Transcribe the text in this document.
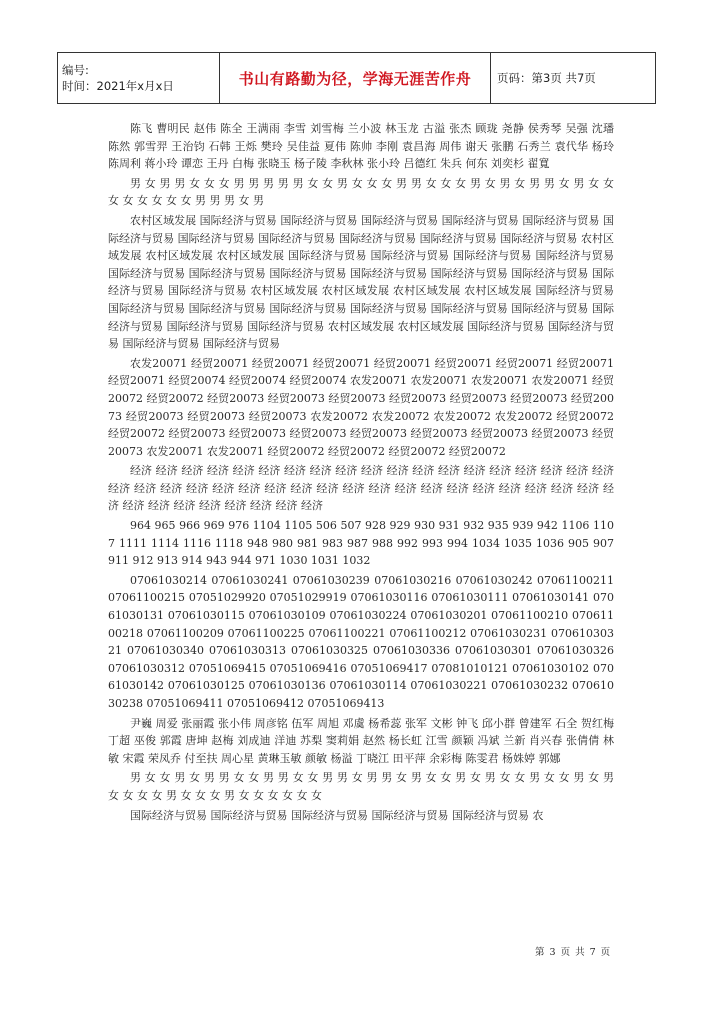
编号:
时间：2021年x月x日	书山有路勤为径，学海无涯苦作舟	页码：第3页 共7页

陈飞 曹明民 赵伟 陈全 王满雨 李雪 刘雪梅 兰小波 林玉龙 古溢 张杰 顾珑 尧静 侯秀琴 吴强 沈璠 陈然 郭雪羿 王治钧 石韩 王烁 樊玲 吴佳益 夏伟 陈帅 李刚 袁昌海 周伟 谢天 张鹏 石秀兰 袁代华 杨玲 陈周利 蒋小玲 谭恋 王丹 白梅 张晓玉 杨子陵 李秋林 张小玲 吕德红 朱兵 何东 刘奕杉 翟寬

男 女 男 男 女 女 女 男 男 男 男 男 女 女 男 女 女 女 男 男 女 女 女 男 女 男 女 男 男 女 男 女 女 女 女 女 女 女 女 男 男 男 女 男

农村区域发展 国际经济与贸易 国际经济与贸易 国际经济与贸易 国际经济与贸易 国际经济与贸易 国际经济与贸易 国际经济与贸易 国际经济与贸易 国际经济与贸易 国际经济与贸易 国际经济与贸易 农村区域发展 农村区域发展 农村区域发展 国际经济与贸易 国际经济与贸易 国际经济与贸易 国际经济与贸易 国际经济与贸易 国际经济与贸易 国际经济与贸易 国际经济与贸易 国际经济与贸易 国际经济与贸易 国际经济与贸易 国际经济与贸易 农村区域发展 农村区域发展 农村区域发展 农村区域发展 国际经济与贸易 国际经济与贸易 国际经济与贸易 国际经济与贸易 国际经济与贸易 国际经济与贸易 国际经济与贸易 国际经济与贸易 国际经济与贸易 国际经济与贸易 农村区域发展 农村区域发展 国际经济与贸易 国际经济与贸易 国际经济与贸易 国际经济与贸易

农发20071 经贸20071 经贸20071 经贸20071 经贸20071 经贸20071 经贸20071 经贸20071 经贸20071 经贸20074 经贸20074 经贸20074 农发20071 农发20071 农发20071 农发20071 经贸20072 经贸20072 经贸20073 经贸20073 经贸20073 经贸20073 经贸20073 经贸20073 经贸20073 经贸20073 经贸20073 经贸20073 农发20072 农发20072 农发20072 农发20072 经贸20072 经贸20072 经贸20073 经贸20073 经贸20073 经贸20073 经贸20073 经贸20073 经贸20073 经贸20073 农发20071 农发20071 经贸20072 经贸20072 经贸20072 经贸20072

经济 经济 经济 经济 经济 经济 经济 经济 经济 经济 经济 经济 经济 经济 经济 经济 经济 经济 经济 经济 经济 经济 经济 经济 经济 经济 经济 经济 经济 经济 经济 经济 经济 经济 经济 经济 经济 经济 经济 经济 经济 经济 经济 经济 经济 经济 经济

964 965 966 969 976 1104 1105 506 507 928 929 930 931 932 935 939 942 1106 1107 1111 1114 1116 1118 948 980 981 983 987 988 992 993 994 1034 1035 1036 905 907 911 912 913 914 943 944 971 1030 1031 1032

07061030214 07061030241 07061030239 07061030216 07061030242 07061100211 07061100215 07051029920 07051029919 07061030116 07061030111 07061030141 07061030131 07061030115 07061030109 07061030224 07061030201 07061100210 07061100218 07061100209 07061100225 07061100221 07061100212 07061030231 07061030321 07061030340 07061030313 07061030325 07061030336 07061030301 07061030326 07061030312 07051069415 07051069416 07051069417 07081010121 07061030102 07061030142 07061030125 07061030136 07061030114 07061030221 07061030232 07061030238 07051069411 07051069412 07051069413

尹巍 周爱 张丽霞 张小伟 周彦铭 伍军 周旭 邓虞 杨希蕊 张军 文彬 钟飞 邱小群 曾建军 石全 贺红梅 丁超 巫俊 郭霞 唐坤 赵梅 刘成迪 洋迪 苏梨 窦莉娟 赵然 杨长虹 江雪 颜颖 冯斌 兰新 肖兴春 张倩倩 林敏 宋霞 荣凤乔 付至扶 周心星 黄琳玉敏 颜敏 杨溢 丁晓江 田平萍 余彩梅 陈雯君 杨姝婷 郭娜

男 女 女 男 女 男 男 女 女 男 男 女 女 男 男 女 男 男 女 男 女 女 男 女 男 女 女 男 女 女 男 女 男 女 女 女 女 男 女 女 女 男 女 女 女 女 女 女

国际经济与贸易 国际经济与贸易 国际经济与贸易 国际经济与贸易 国际经济与贸易 农

第 3 页 共 7 页
